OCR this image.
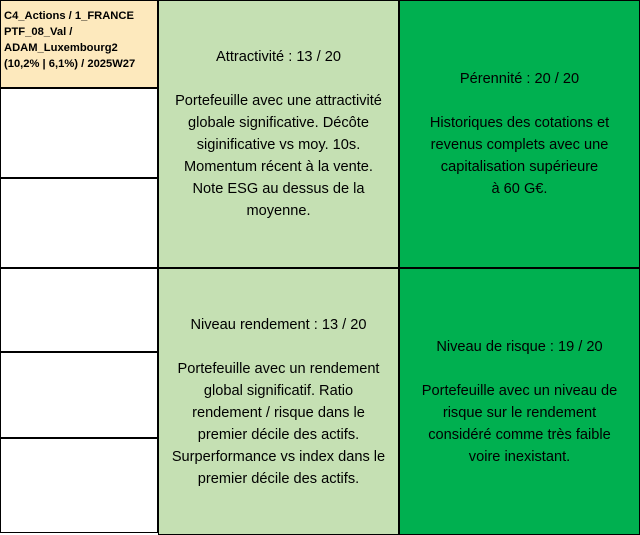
C4_Actions / 1_FRANCE
PTF_08_Val /
ADAM_Luxembourg2
(10,2% | 6,1%) / 2025W27	Attractivité : 13 / 20
Portefeuille avec une attractivité
globale significative. Décôte
siginificative vs moy. 10s.
Momentum récent à la vente.
Note ESG au dessus de la
moyenne.
Pérennité : 20 / 20
Historiques des cotations et
revenus complets avec une
capitalisation supérieure
à 60 G€.
Niveau rendement : 13 / 20
Portefeuille avec un rendement
global significatif. Ratio
rendement / risque dans le
premier décile des actifs.
Surperformance vs index dans le
premier décile des actifs.
Niveau de risque : 19 / 20
Portefeuille avec un niveau de
risque sur le rendement
considéré comme très faible
voire inexistant.
